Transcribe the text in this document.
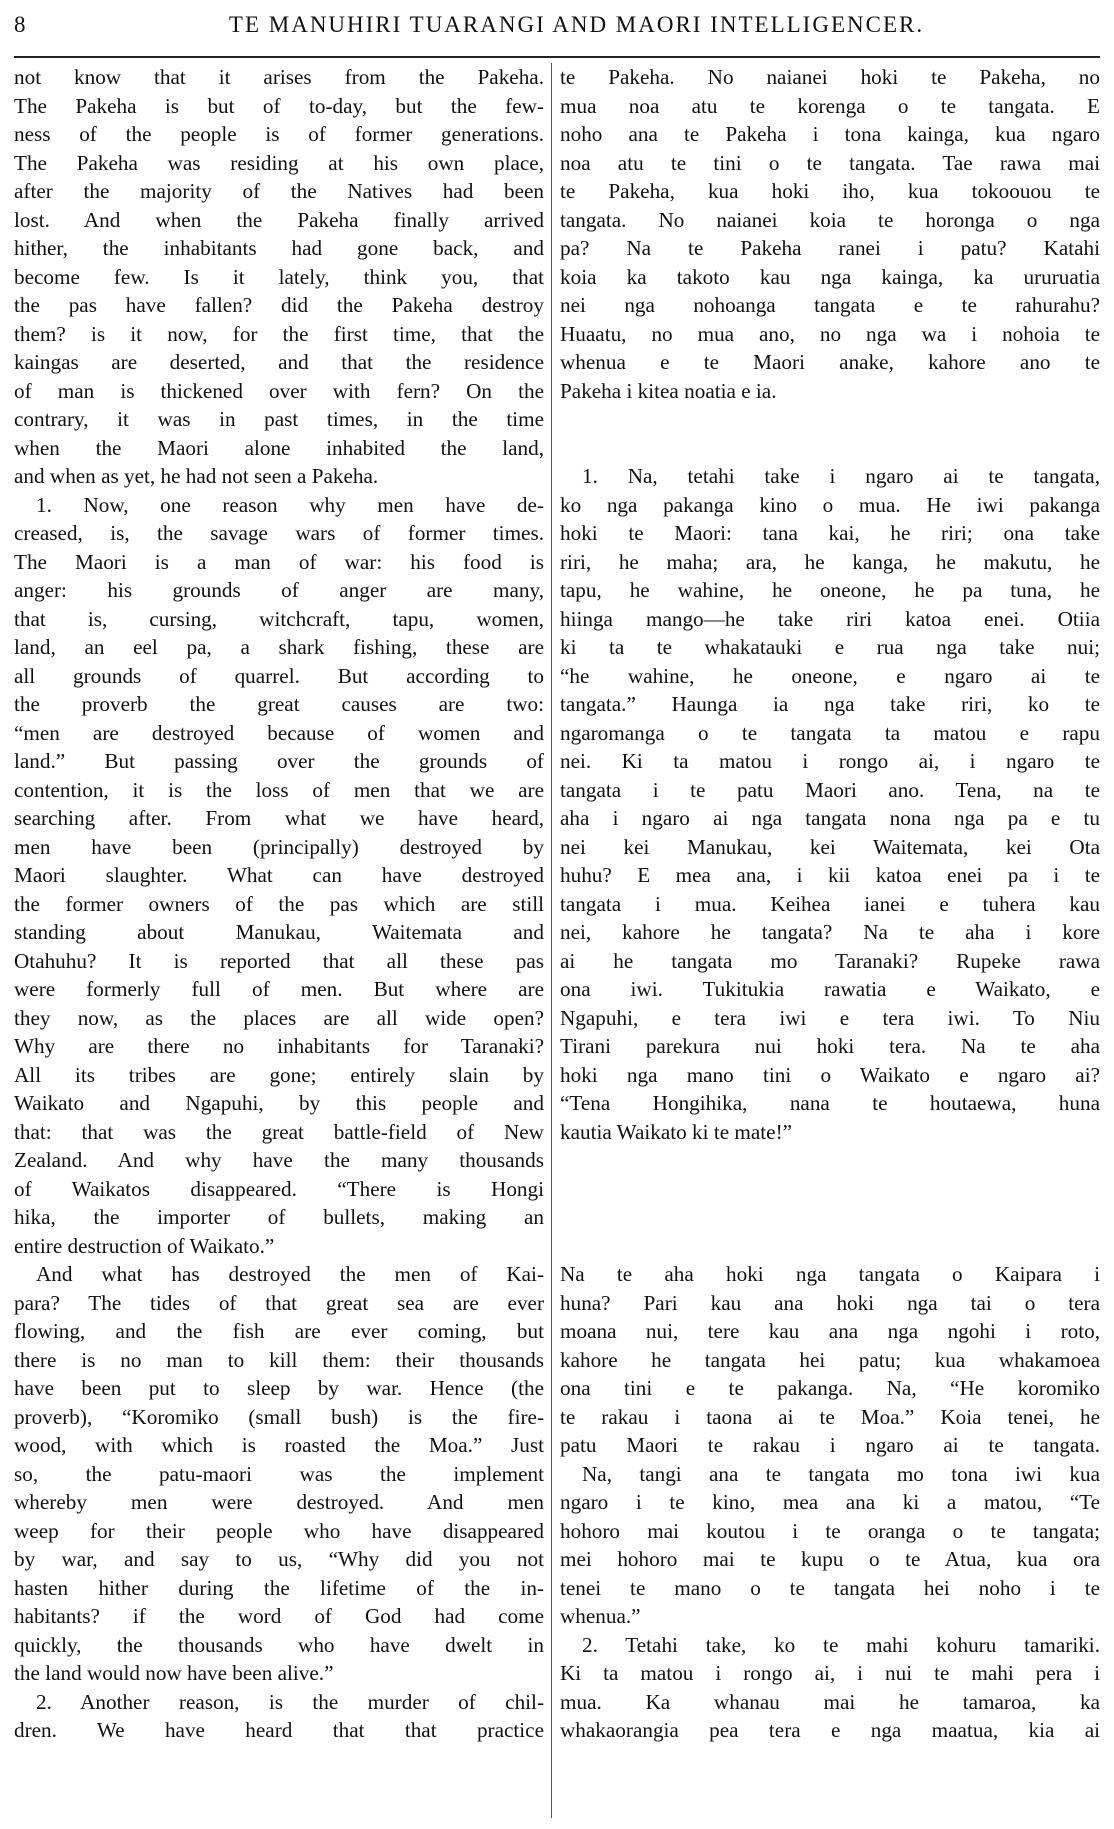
8	TE MANUHIRI TUARANGI AND MAORI INTELLIGENCER.
not know that it arises from the Pakeha.
The Pakeha is but of to-day, but the few-
ness of the people is of former generations.
The Pakeha was residing at his own place,
after the majority of the Natives had been
lost. And when the Pakeha finally arrived
hither, the inhabitants had gone back, and
become few. Is it lately, think you, that
the pas have fallen? did the Pakeha destroy
them? is it now, for the first time, that the
kaingas are deserted, and that the residence
of man is thickened over with fern? On the
contrary, it was in past times, in the time
when the Maori alone inhabited the land,
and when as yet, he had not seen a Pakeha.
1. Now, one reason why men have de-
creased, is, the savage wars of former times.
The Maori is a man of war: his food is
anger: his grounds of anger are many,
that is, cursing, witchcraft, tapu, women,
land, an eel pa, a shark fishing, these are
all grounds of quarrel. But according to
the proverb the great causes are two:
“men are destroyed because of women and
land.” But passing over the grounds of
contention, it is the loss of men that we are
searching after. From what we have heard,
men have been (principally) destroyed by
Maori slaughter. What can have destroyed
the former owners of the pas which are still
standing about Manukau, Waitemata and
Otahuhu? It is reported that all these pas
were formerly full of men. But where are
they now, as the places are all wide open?
Why are there no inhabitants for Taranaki?
All its tribes are gone; entirely slain by
Waikato and Ngapuhi, by this people and
that: that was the great battle-field of New
Zealand. And why have the many thousands
of Waikatos disappeared. “There is Hongi
hika, the importer of bullets, making an
entire destruction of Waikato.”
And what has destroyed the men of Kai-
para? The tides of that great sea are ever
flowing, and the fish are ever coming, but
there is no man to kill them: their thousands
have been put to sleep by war. Hence (the
proverb), “Koromiko (small bush) is the fire-
wood, with which is roasted the Moa.” Just
so, the patu-maori was the implement
whereby men were destroyed. And men
weep for their people who have disappeared
by war, and say to us, “Why did you not
hasten hither during the lifetime of the in-
habitants? if the word of God had come
quickly, the thousands who have dwelt in
the land would now have been alive.”
2. Another reason, is the murder of chil-
dren. We have heard that that practice
te Pakeha. No naianei hoki te Pakeha, no
mua noa atu te korenga o te tangata. E
noho ana te Pakeha i tona kainga, kua ngaro
noa atu te tini o te tangata. Tae rawa mai
te Pakeha, kua hoki iho, kua tokoouou te
tangata. No naianei koia te horonga o nga
pa? Na te Pakeha ranei i patu? Katahi
koia ka takoto kau nga kainga, ka ururuatia
nei nga nohoanga tangata e te rahurahu?
Huaatu, no mua ano, no nga wa i nohoia te
whenua e te Maori anake, kahore ano te
Pakeha i kitea noatia e ia.
1. Na, tetahi take i ngaro ai te tangata,
ko nga pakanga kino o mua. He iwi pakanga
hoki te Maori: tana kai, he riri; ona take
riri, he maha; ara, he kanga, he makutu, he
tapu, he wahine, he oneone, he pa tuna, he
hiinga mango—he take riri katoa enei. Otiia
ki ta te whakatauki e rua nga take nui;
“he wahine, he oneone, e ngaro ai te
tangata.” Haunga ia nga take riri, ko te
ngaromanga o te tangata ta matou e rapu
nei. Ki ta matou i rongo ai, i ngaro te
tangata i te patu Maori ano. Tena, na te
aha i ngaro ai nga tangata nona nga pa e tu
nei kei Manukau, kei Waitemata, kei Ota
huhu? E mea ana, i kii katoa enei pa i te
tangata i mua. Keihea ianei e tuhera kau
nei, kahore he tangata? Na te aha i kore
ai he tangata mo Taranaki? Rupeke rawa
ona iwi. Tukitukia rawatia e Waikato, e
Ngapuhi, e tera iwi e tera iwi. To Niu
Tirani parekura nui hoki tera. Na te aha
hoki nga mano tini o Waikato e ngaro ai?
“Tena Hongihika, nana te houtaewa, huna
kautia Waikato ki te mate!”
Na te aha hoki nga tangata o Kaipara i
huna? Pari kau ana hoki nga tai o tera
moana nui, tere kau ana nga ngohi i roto,
kahore he tangata hei patu; kua whakamoea
ona tini e te pakanga. Na, “He koromiko
te rakau i taona ai te Moa.” Koia tenei, he
patu Maori te rakau i ngaro ai te tangata.
Na, tangi ana te tangata mo tona iwi kua
ngaro i te kino, mea ana ki a matou, “Te
hohoro mai koutou i te oranga o te tangata;
mei hohoro mai te kupu o te Atua, kua ora
tenei te mano o te tangata hei noho i te
whenua.”
2. Tetahi take, ko te mahi kohuru tamariki.
Ki ta matou i rongo ai, i nui te mahi pera i
mua. Ka whanau mai he tamaroa, ka
whakaorangia pea tera e nga maatua, kia ai
